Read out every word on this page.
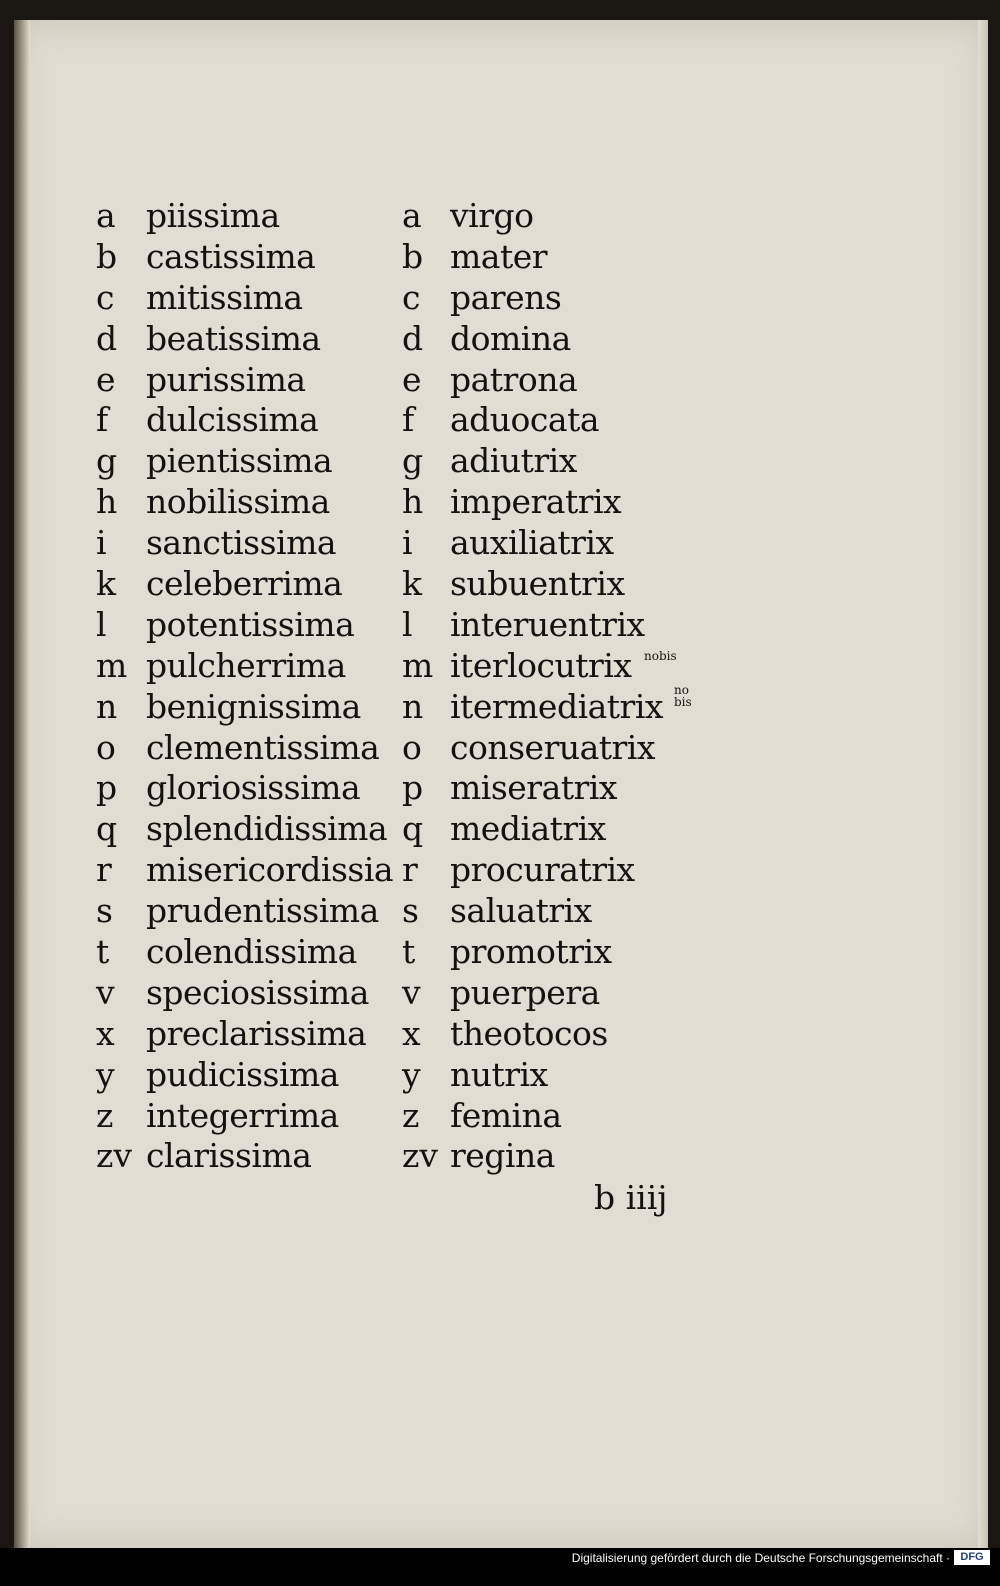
a piissima	a virgo
b castissima	b mater
c mitissima	c parens
d beatissima d domina
e purissima	e patrona
f dulcissima	f aduocata
g pientissima g adiutrix
h nobilissima h imperatrix
i sanctissima i auxiliatrix
k celeberrima k subuentrix
l potentissima l interuentrix
m pulcherrima m iterlocutrix
n benignissima n itermediatrix
o clementissima o conseruatrix
p gloriosissima p miseratrix
q splendidissima q mediatrix
r misericordissia r procuratrix
s prudentissima s saluatrix
t colendissima t promotrix
v speciosissima v puerpera
x preclarissima x theotocos
y pudicissima y nutrix
z integerrima z femina
zv clarissima	zv regina
nobis
no
bis
b iiij
Digitalisierung gefördert durch die Deutsche Forschungsgemeinschaft · DFG
